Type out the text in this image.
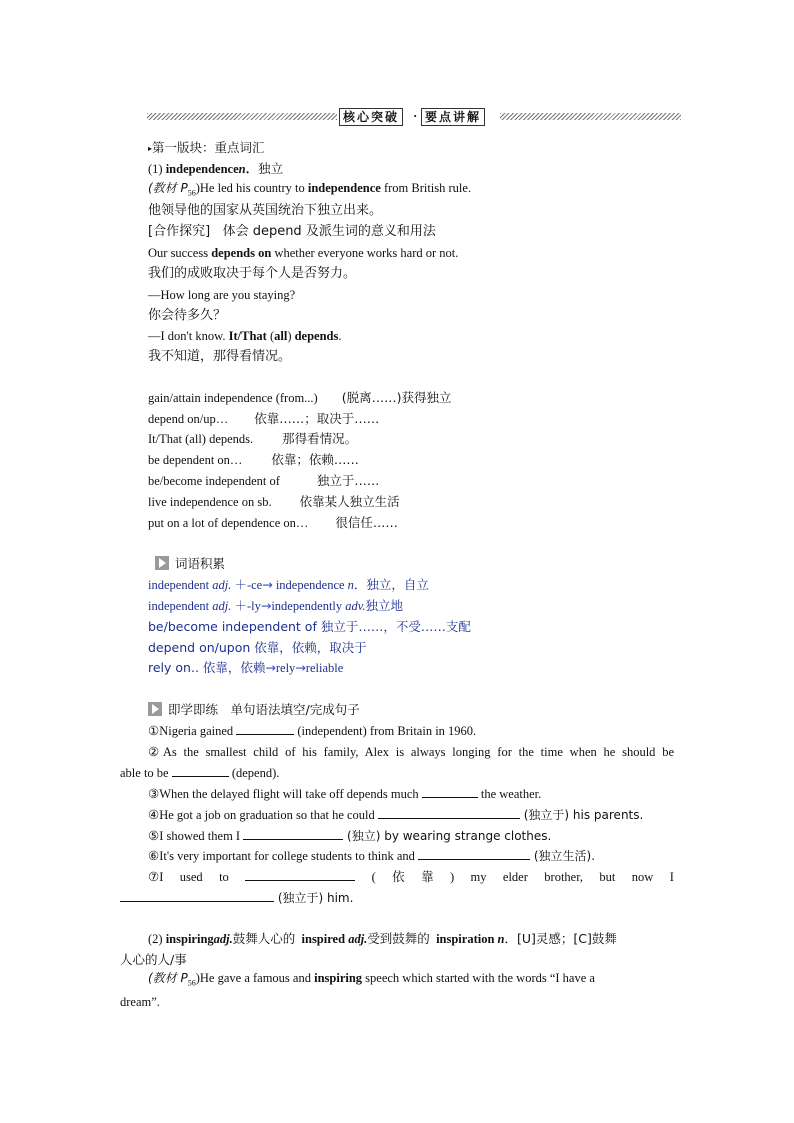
核心突破	· 要点讲解
▸第一版块：重点词汇
(1) independencen．独立
(教材 $P_{56})He$ led his country to independence from British rule.
他领导他的国家从英国统治下独立出来。
[合作探究] 体会 depend 及派生词的意义和用法
Our success depends on whether everyone works hard or not.
我们的成败取决于每个人是否努力。
—How long are you staying?
你会待多久？
—I don't know. It/That (all) depends.
我不知道，那得看情况。
gain/attain independence (from...) (脱离……)获得独立
depend on/up… 依靠……；取决于……
It/That (all) depends. 那得看情况。
be dependent on… 依靠；依赖……
be/become independent of	独立于……
live independence on sb. 依靠某人独立生活
put on a lot of dependence on… 很信任……
词语积累
independent adj. ＋-ce→ independence n．独立，自立
independent adj. ＋-ly→independently adv.独立地
be/become independent of 独立于……，不受……支配
depend on/upon 依靠，依赖，取决于
rely on.. 依靠，依赖→rely→reliable
即学即练　单句语法填空/完成句子
①Nigeria gained	(independent) from Britain in 1960.
②As the smallest child of his family, Alex is always longing for the time when he should be
able to be	(depend).
③When the delayed flight will take off depends much	the weather.
④He got a job on graduation so that he could	(独立于) his parents.
⑤I showed them I	(独立) by wearing strange clothes.
⑥It's very important for college students to think and	(独立生活).
⑦I used to	( 依 靠 ) my elder brother, but now I
(独立于) him.
(2) inspiringadj.鼓舞人心的 inspired adj.受到鼓舞的 inspiration n．[U]灵感；[C]鼓舞
人心的人/事
(教材 $P_{56})He$ gave a famous and inspiring speech which started with the words “I have a
dream”.
